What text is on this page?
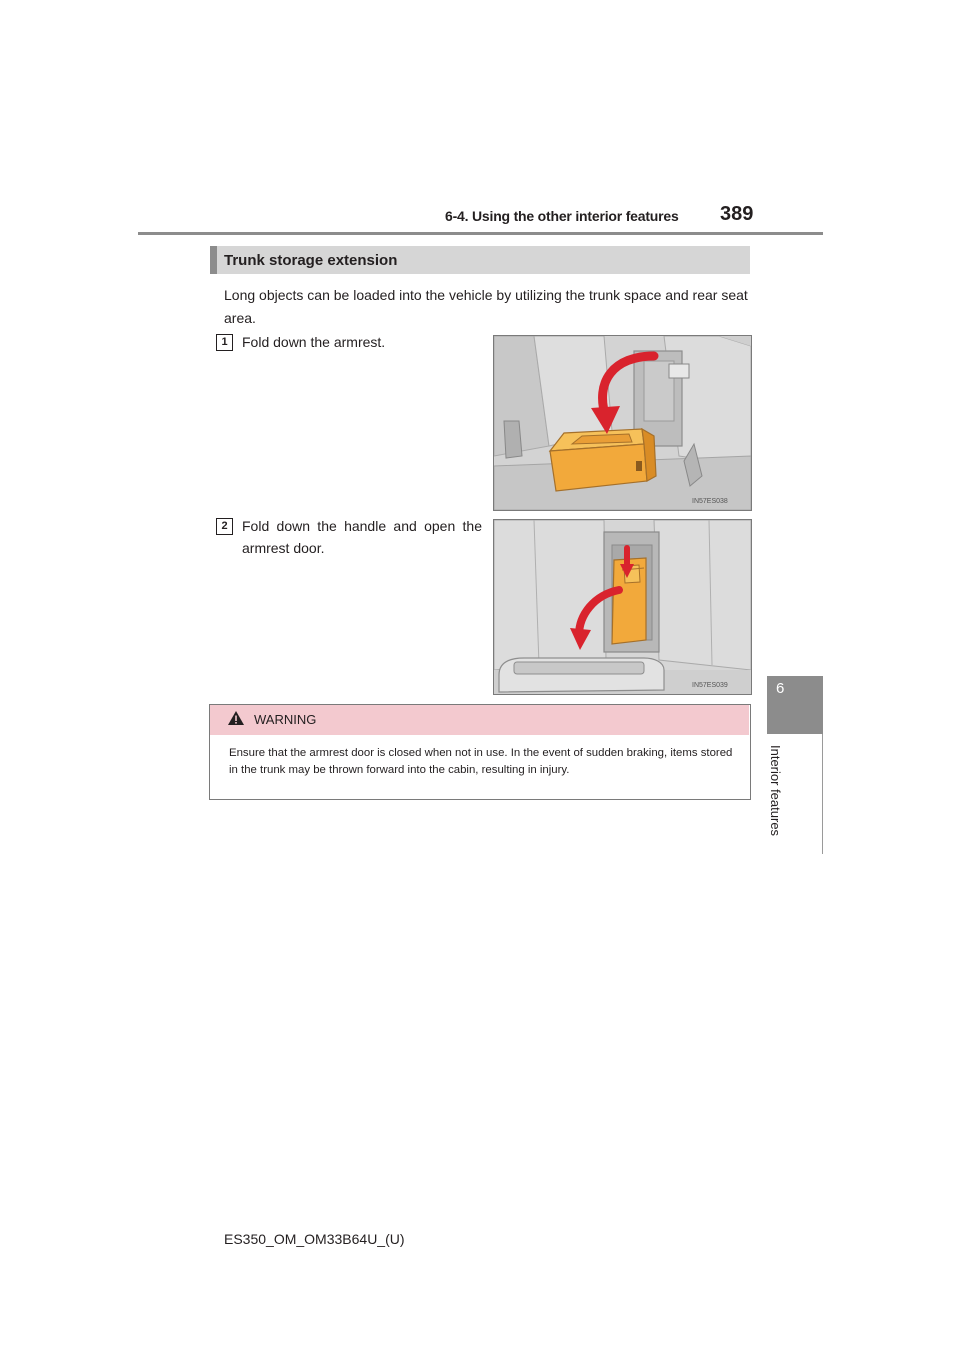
6-4. Using the other interior features 389
6
Interior features
Trunk storage extension
Long objects can be loaded into the vehicle by utilizing the trunk space and rear seat area.
1	Fold down the armrest.
IN57ES038
2	Fold down the handle and open the armrest door.
IN57ES039
WARNING
Ensure that the armrest door is closed when not in use. In the event of sudden braking, items stored in the trunk may be thrown forward into the cabin, resulting in injury.
ES350_OM_OM33B64U_(U)
